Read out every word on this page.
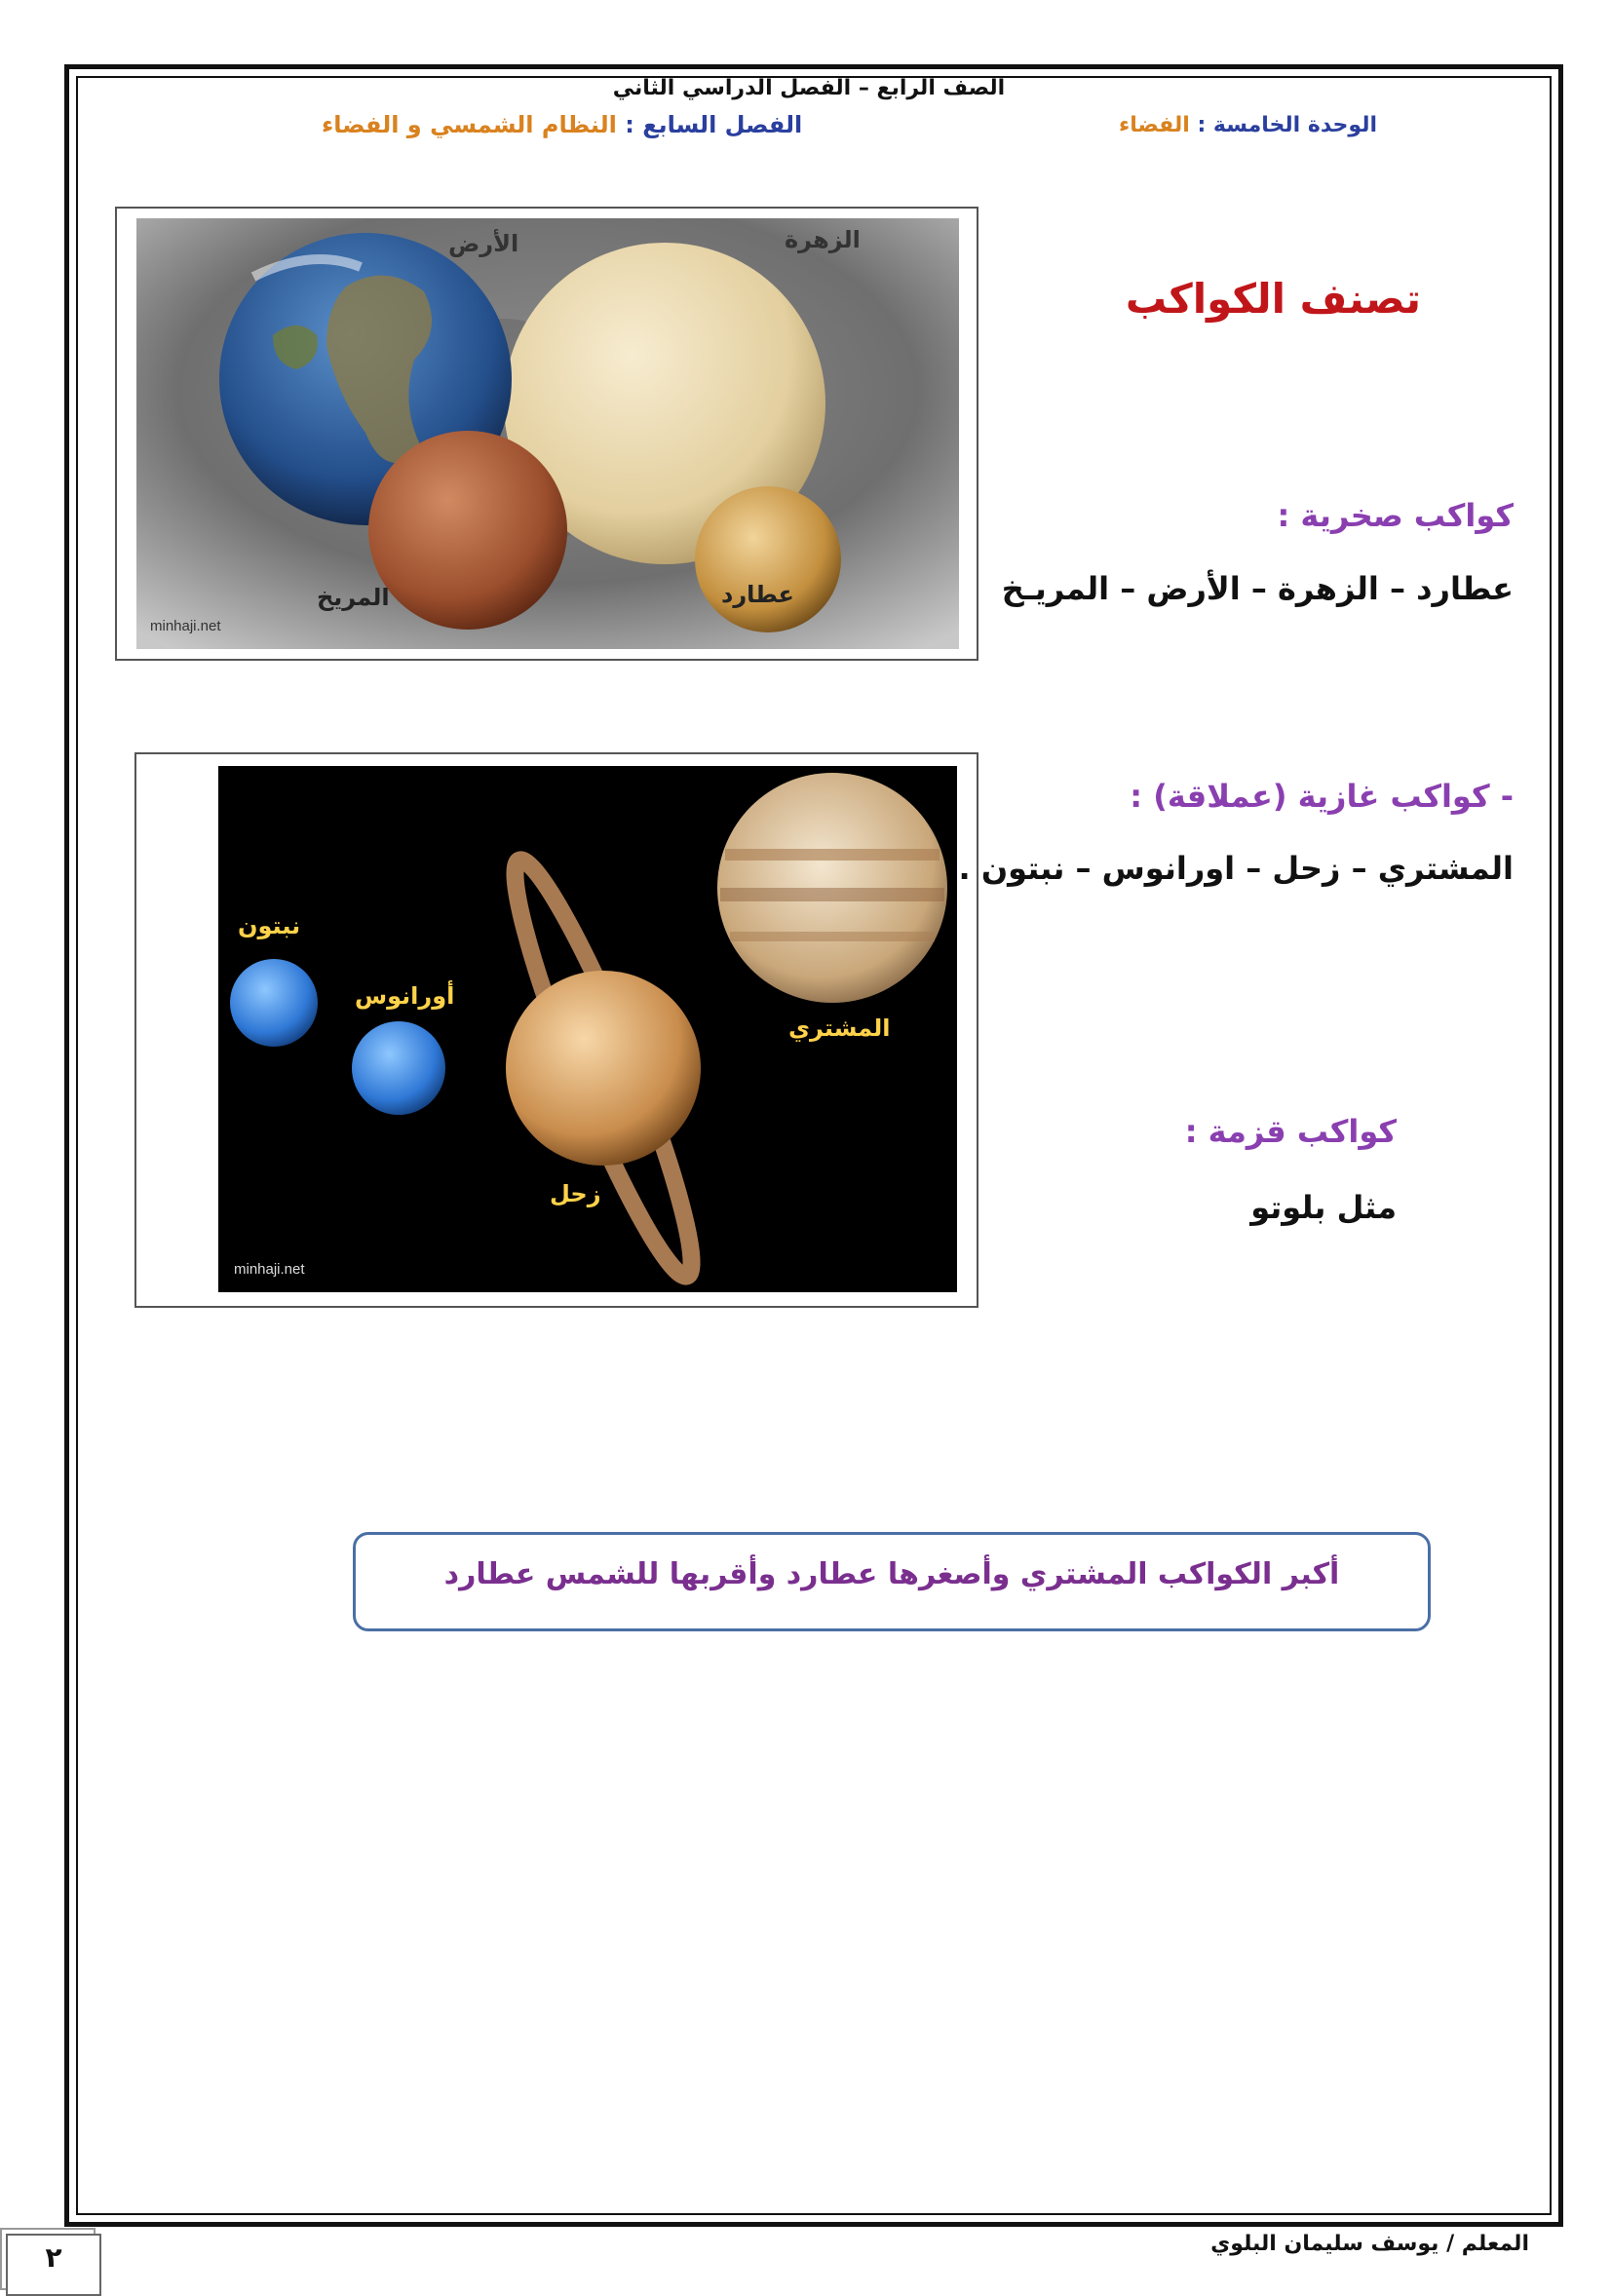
الصف الرابع – الفصل الدراسي الثاني
الوحدة الخامسة : الفضاء
الفصل السابع : النظام الشمسي و الفضاء
تصنف الكواكب
الزهرة
الأرض
المريخ	عطارد
minhaji.net
كواكب صخرية :
عطارد – الزهرة – الأرض – المريـخ
نبتون
أورانوس
المشتري
زحل
minhaji.net
- كواكب غازية (عملاقة) :
المشتري – زحل – اورانوس – نبتون .
كواكب قزمة :
مثل بلوتو
أكبر الكواكب المشتري وأصغرها عطارد وأقربها للشمس عطارد
المعلم / يوسف سليمان البلوي
٢
